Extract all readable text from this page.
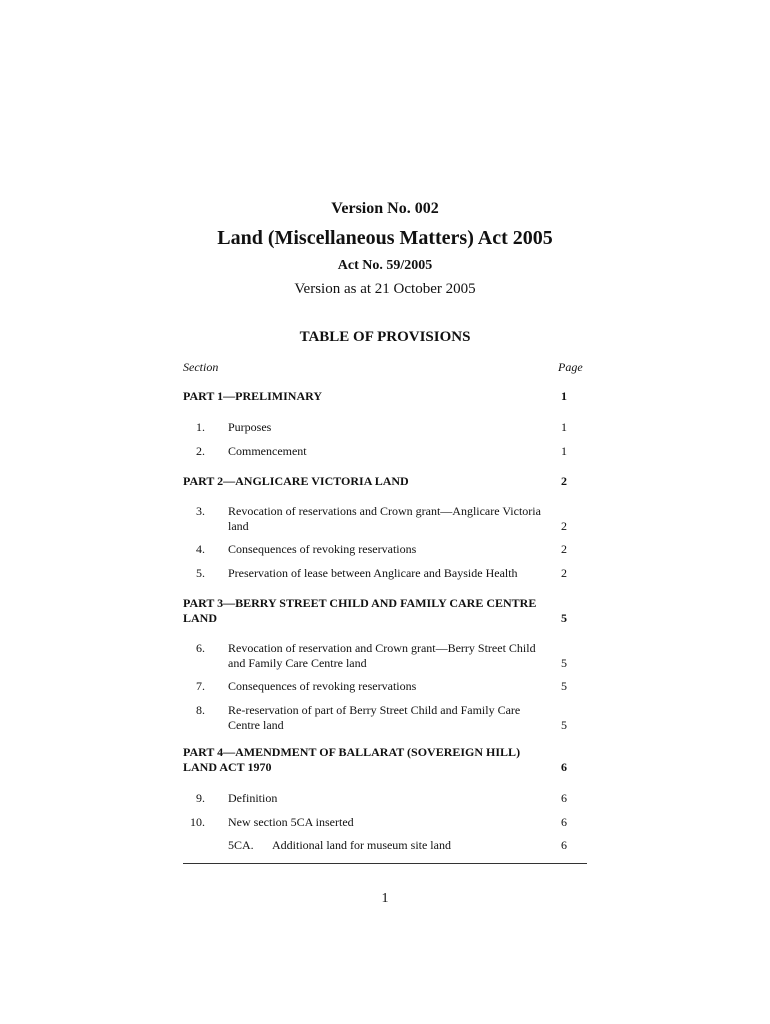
Version No. 002
Land (Miscellaneous Matters) Act 2005
Act No. 59/2005
Version as at 21 October 2005
TABLE OF PROVISIONS
Section	Page
PART 1—PRELIMINARY	1
1. Purposes	1
2. Commencement	1
PART 2—ANGLICARE VICTORIA LAND	2
3. Revocation of reservations and Crown grant—Anglicare Victoria land	2
4. Consequences of revoking reservations	2
5. Preservation of lease between Anglicare and Bayside Health	2
PART 3—BERRY STREET CHILD AND FAMILY CARE CENTRE LAND	5
6. Revocation of reservation and Crown grant—Berry Street Child and Family Care Centre land	5
7. Consequences of revoking reservations	5
8. Re-reservation of part of Berry Street Child and Family Care Centre land	5
PART 4—AMENDMENT OF BALLARAT (SOVEREIGN HILL) LAND ACT 1970	6
9. Definition	6
10. New section 5CA inserted	6
5CA. Additional land for museum site land	6
1
